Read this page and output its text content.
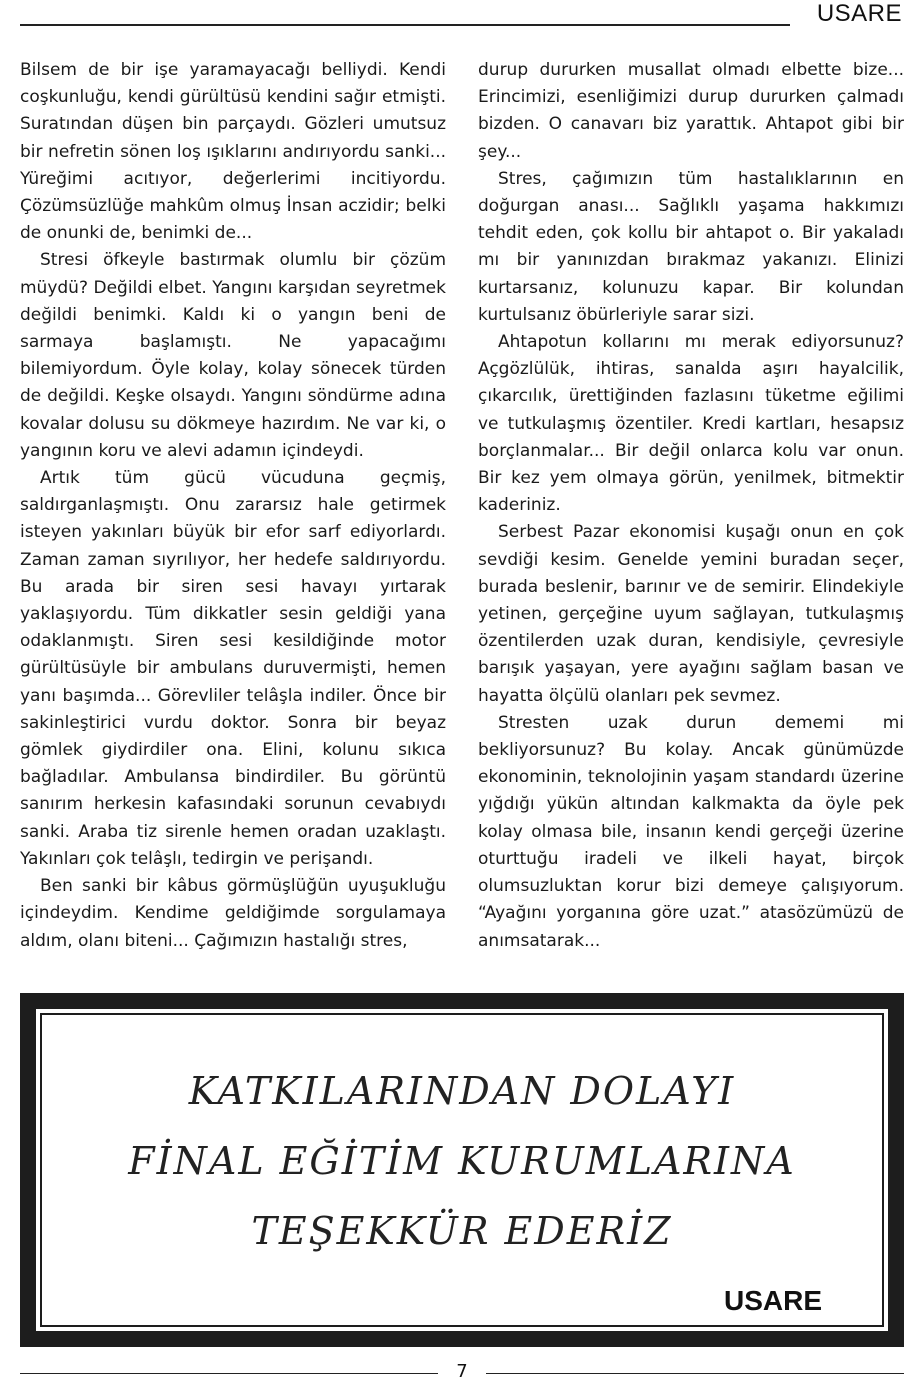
USARE

Bilsem de bir işe yaramayacağı belliydi. Kendi coşkunluğu, kendi gürültüsü kendini sağır etmişti. Suratından düşen bin parçaydı. Gözleri umutsuz bir nefretin sönen loş ışıklarını andırıyordu sanki... Yüreğimi acıtıyor, değerlerimi incitiyordu. Çözümsüzlüğe mahkûm olmuş İnsan aczidir; belki de onunki de, benimki de...

Stresi öfkeyle bastırmak olumlu bir çözüm müydü? Değildi elbet. Yangını karşıdan seyretmek değildi benimki. Kaldı ki o yangın beni de sarmaya başlamıştı. Ne yapacağımı bilemiyordum. Öyle kolay, kolay sönecek türden de değildi. Keşke olsaydı. Yangını söndürme adına kovalar dolusu su dökmeye hazırdım. Ne var ki, o yangının koru ve alevi adamın içindeydi.

Artık tüm gücü vücuduna geçmiş, saldırganlaşmıştı. Onu zararsız hale getirmek isteyen yakınları büyük bir efor sarf ediyorlardı. Zaman zaman sıyrılıyor, her hedefe saldırıyordu. Bu arada bir siren sesi havayı yırtarak yaklaşıyordu. Tüm dikkatler sesin geldiği yana odaklanmıştı. Siren sesi kesildiğinde motor gürültüsüyle bir ambulans duruvermişti, hemen yanı başımda... Görevliler telâşla indiler. Önce bir sakinleştirici vurdu doktor. Sonra bir beyaz gömlek giydirdiler ona. Elini, kolunu sıkıca bağladılar. Ambulansa bindirdiler. Bu görüntü sanırım herkesin kafasındaki sorunun cevabıydı sanki. Araba tiz sirenle hemen oradan uzaklaştı. Yakınları çok telâşlı, tedirgin ve perişandı.

Ben sanki bir kâbus görmüşlüğün uyuşukluğu içindeydim. Kendime geldiğimde sorgulamaya aldım, olanı biteni... Çağımızın hastalığı stres,

durup dururken musallat olmadı elbette bize... Erincimizi, esenliğimizi durup dururken çalmadı bizden. O canavarı biz yarattık. Ahtapot gibi bir şey...

Stres, çağımızın tüm hastalıklarının en doğurgan anası... Sağlıklı yaşama hakkımızı tehdit eden, çok kollu bir ahtapot o. Bir yakaladı mı bir yanınızdan bırakmaz yakanızı. Elinizi kurtarsanız, kolunuzu kapar. Bir kolundan kurtulsanız öbürleriyle sarar sizi.

Ahtapotun kollarını mı merak ediyorsunuz? Açgözlülük, ihtiras, sanalda aşırı hayalcilik, çıkarcılık, ürettiğinden fazlasını tüketme eğilimi ve tutkulaşmış özentiler. Kredi kartları, hesapsız borçlanmalar... Bir değil onlarca kolu var onun. Bir kez yem olmaya görün, yenilmek, bitmektir kaderiniz.

Serbest Pazar ekonomisi kuşağı onun en çok sevdiği kesim. Genelde yemini buradan seçer, burada beslenir, barınır ve de semirir. Elindekiyle yetinen, gerçeğine uyum sağlayan, tutkulaşmış özentilerden uzak duran, kendisiyle, çevresiyle barışık yaşayan, yere ayağını sağlam basan ve hayatta ölçülü olanları pek sevmez.

Stresten uzak durun dememi mi bekliyorsunuz? Bu kolay. Ancak günümüzde ekonominin, teknolojinin yaşam standardı üzerine yığdığı yükün altından kalkmakta da öyle pek kolay olmasa bile, insanın kendi gerçeği üzerine oturttuğu iradeli ve ilkeli hayat, birçok olumsuzluktan korur bizi demeye çalışıyorum. “Ayağını yorganına göre uzat.” atasözümüzü de anımsatarak...

KATKILARINDAN DOLAYI
FİNAL EĞİTİM KURUMLARINA
TEŞEKKÜR EDERİZ
USARE
7
